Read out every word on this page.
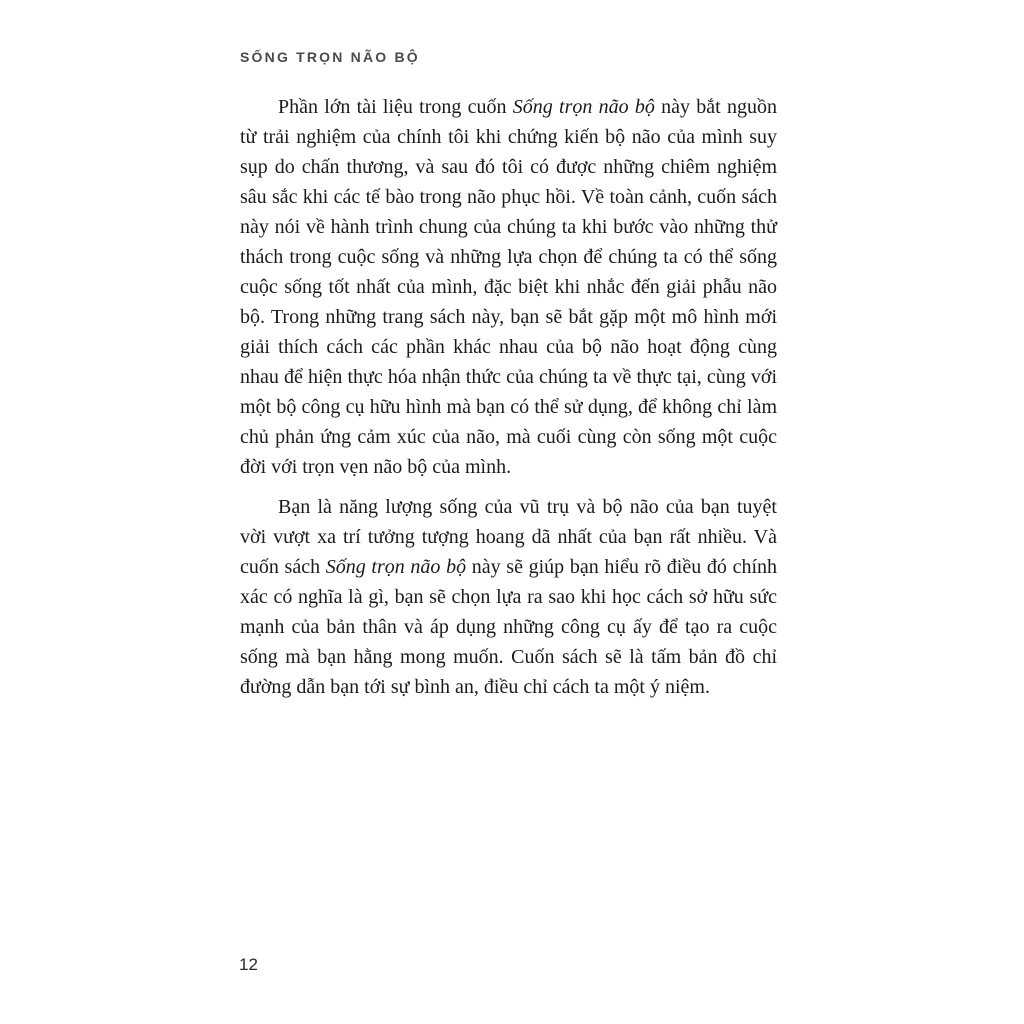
SỐNG TRỌN NÃO BỘ

Phần lớn tài liệu trong cuốn Sống trọn não bộ này bắt nguồn từ trải nghiệm của chính tôi khi chứng kiến bộ não của mình suy sụp do chấn thương, và sau đó tôi có được những chiêm nghiệm sâu sắc khi các tế bào trong não phục hồi. Về toàn cảnh, cuốn sách này nói về hành trình chung của chúng ta khi bước vào những thử thách trong cuộc sống và những lựa chọn để chúng ta có thể sống cuộc sống tốt nhất của mình, đặc biệt khi nhắc đến giải phẫu não bộ. Trong những trang sách này, bạn sẽ bắt gặp một mô hình mới giải thích cách các phần khác nhau của bộ não hoạt động cùng nhau để hiện thực hóa nhận thức của chúng ta về thực tại, cùng với một bộ công cụ hữu hình mà bạn có thể sử dụng, để không chỉ làm chủ phản ứng cảm xúc của não, mà cuối cùng còn sống một cuộc đời với trọn vẹn não bộ của mình.

Bạn là năng lượng sống của vũ trụ và bộ não của bạn tuyệt vời vượt xa trí tưởng tượng hoang dã nhất của bạn rất nhiều. Và cuốn sách Sống trọn não bộ này sẽ giúp bạn hiểu rõ điều đó chính xác có nghĩa là gì, bạn sẽ chọn lựa ra sao khi học cách sở hữu sức mạnh của bản thân và áp dụng những công cụ ấy để tạo ra cuộc sống mà bạn hằng mong muốn. Cuốn sách sẽ là tấm bản đồ chỉ đường dẫn bạn tới sự bình an, điều chỉ cách ta một ý niệm.

12
